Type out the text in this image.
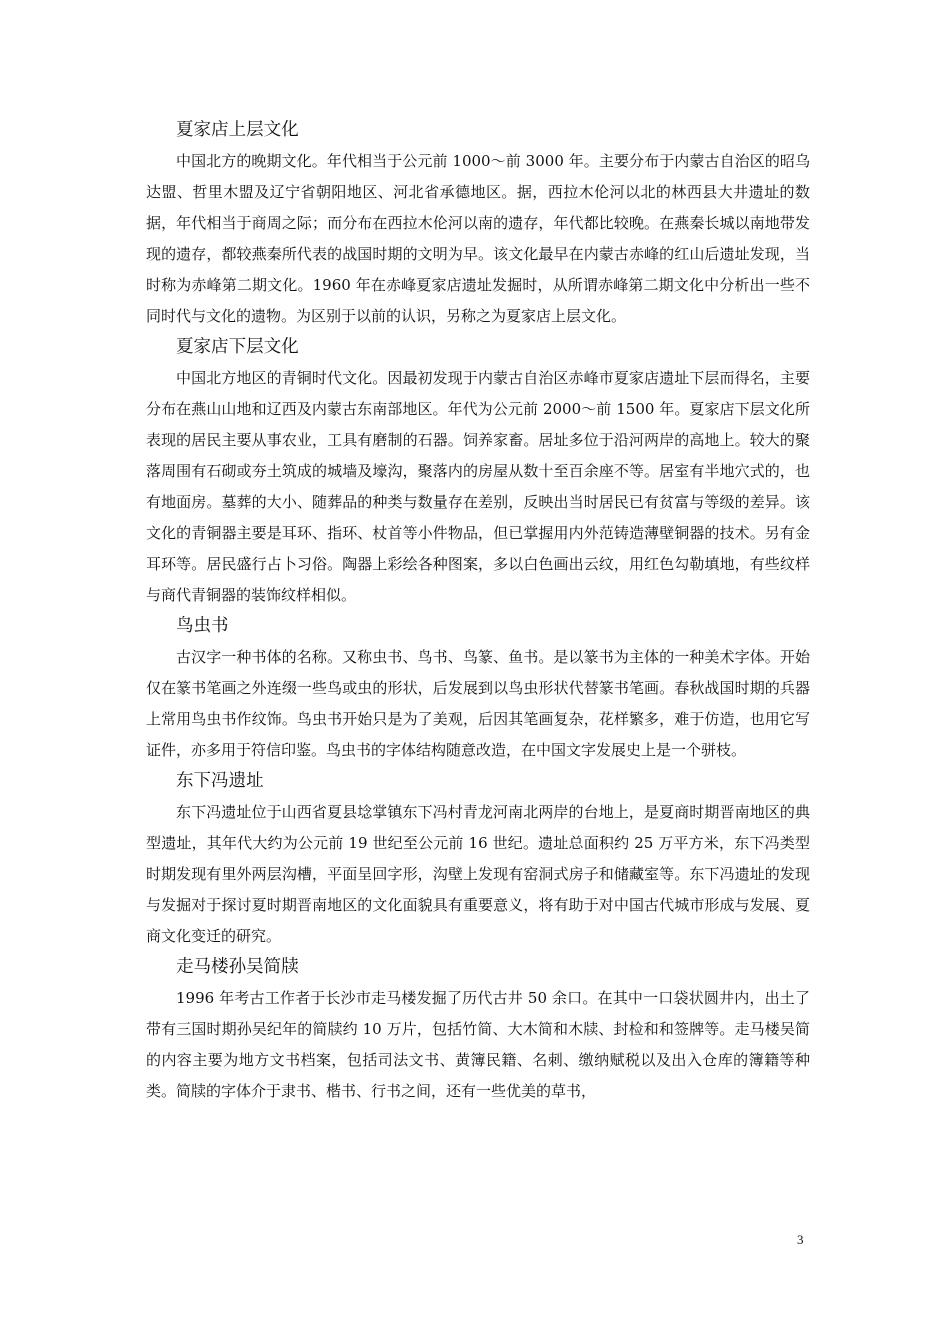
夏家店上层文化

中国北方的晚期文化。年代相当于公元前 1000～前 3000 年。主要分布于内蒙古自治区的昭乌达盟、哲里木盟及辽宁省朝阳地区、河北省承德地区。据，西拉木伦河以北的林西县大井遗址的数据，年代相当于商周之际；而分布在西拉木伦河以南的遗存，年代都比较晚。在燕秦长城以南地带发现的遗存，都较燕秦所代表的战国时期的文明为早。该文化最早在内蒙古赤峰的红山后遗址发现，当时称为赤峰第二期文化。1960 年在赤峰夏家店遗址发掘时，从所谓赤峰第二期文化中分析出一些不同时代与文化的遗物。为区别于以前的认识，另称之为夏家店上层文化。

夏家店下层文化

中国北方地区的青铜时代文化。因最初发现于内蒙古自治区赤峰市夏家店遗址下层而得名，主要分布在燕山山地和辽西及内蒙古东南部地区。年代为公元前 2000～前 1500 年。夏家店下层文化所表现的居民主要从事农业，工具有磨制的石器。饲养家畜。居址多位于沿河两岸的高地上。较大的聚落周围有石砌或夯土筑成的城墙及壕沟，聚落内的房屋从数十至百余座不等。居室有半地穴式的，也有地面房。墓葬的大小、随葬品的种类与数量存在差别，反映出当时居民已有贫富与等级的差异。该文化的青铜器主要是耳环、指环、杖首等小件物品，但已掌握用内外范铸造薄壁铜器的技术。另有金耳环等。居民盛行占卜习俗。陶器上彩绘各种图案，多以白色画出云纹，用红色勾勒填地，有些纹样与商代青铜器的装饰纹样相似。

鸟虫书

古汉字一种书体的名称。又称虫书、鸟书、鸟篆、鱼书。是以篆书为主体的一种美术字体。开始仅在篆书笔画之外连缀一些鸟或虫的形状，后发展到以鸟虫形状代替篆书笔画。春秋战国时期的兵器上常用鸟虫书作纹饰。鸟虫书开始只是为了美观，后因其笔画复杂，花样繁多，难于仿造，也用它写证件，亦多用于符信印鉴。鸟虫书的字体结构随意改造，在中国文字发展史上是一个骈枝。

东下冯遗址

东下冯遗址位于山西省夏县埝掌镇东下冯村青龙河南北两岸的台地上，是夏商时期晋南地区的典型遗址，其年代大约为公元前 19 世纪至公元前 16 世纪。遗址总面积约 25 万平方米，东下冯类型时期发现有里外两层沟槽，平面呈回字形，沟壁上发现有窑洞式房子和储藏室等。东下冯遗址的发现与发掘对于探讨夏时期晋南地区的文化面貌具有重要意义，将有助于对中国古代城市形成与发展、夏商文化变迁的研究。

走马楼孙吴简牍

1996 年考古工作者于长沙市走马楼发掘了历代古井 50 余口。在其中一口袋状圆井内，出土了带有三国时期孙吴纪年的简牍约 10 万片，包括竹简、大木简和木牍、封检和和签牌等。走马楼吴简的内容主要为地方文书档案，包括司法文书、黄簿民籍、名刺、缴纳赋税以及出入仓库的簿籍等种类。简牍的字体介于隶书、楷书、行书之间，还有一些优美的草书，

3
